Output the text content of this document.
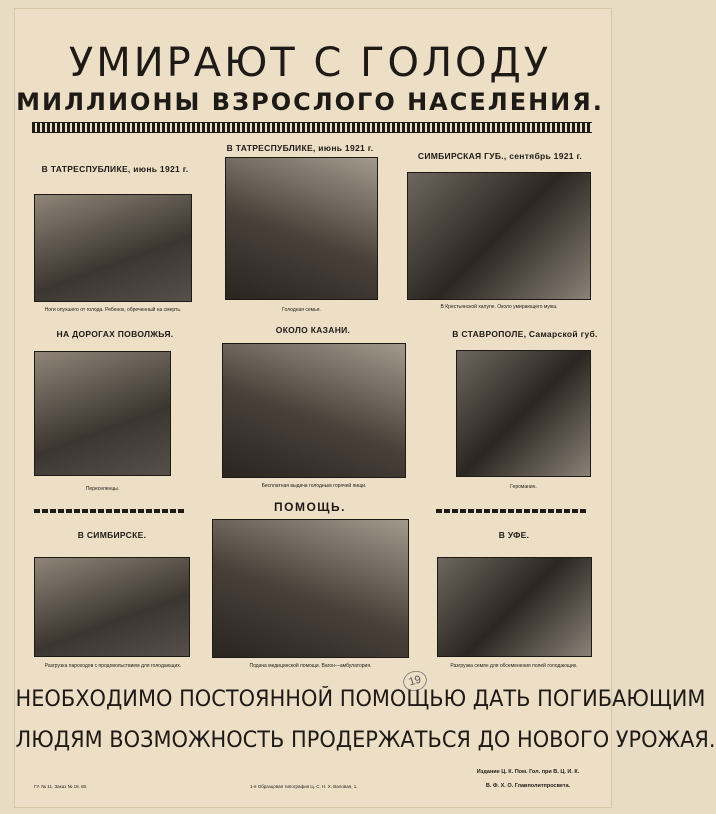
УМИРАЮТ С ГОЛОДУ
МИЛЛИОНЫ ВЗРОСЛОГО НАСЕЛЕНИЯ.
В ТАТРЕСПУБЛИКЕ, июнь 1921 г.
Ноги опухшего от голода. Ребенок, обреченный на смерть.
В ТАТРЕСПУБЛИКЕ, июнь 1921 г.
Голодная семья.
СИМБИРСКАЯ ГУБ., сентябрь 1921 г.
В Крестьянской халупе. Около умирающего мужа.
НА ДОРОГАХ ПОВОЛЖЬЯ.
Переселенцы.
ОКОЛО КАЗАНИ.
Бесплатная выдача голодным горячей пищи.
В СТАВРОПОЛЕ, Самарской губ.
Героманин.
ПОМОЩЬ.
В СИМБИРСКЕ.
Разгрузка пароходов с продовольствием для голодающих.	Подача медицинской помощи. Вагон—амбулатория.
В УФЕ.
Разгрузка семян для обсеменения полей голодающих.
19
НЕОБХОДИМО ПОСТОЯННОЙ ПОМОЩЬЮ ДАТЬ ПОГИБАЮЩИМ
ЛЮДЯМ ВОЗМОЖНОСТЬ ПРОДЕРЖАТЬСЯ ДО НОВОГО УРОЖАЯ.
ГУ. № 11. Заказ № 18. 80.	1-я Образцовая типография Ц. С. Н. Х. Валовая, 1.
Издание Ц. К. Пом. Гол. при В. Ц. И. К.
В. Ф. Х. О. Главполитпросвета.
